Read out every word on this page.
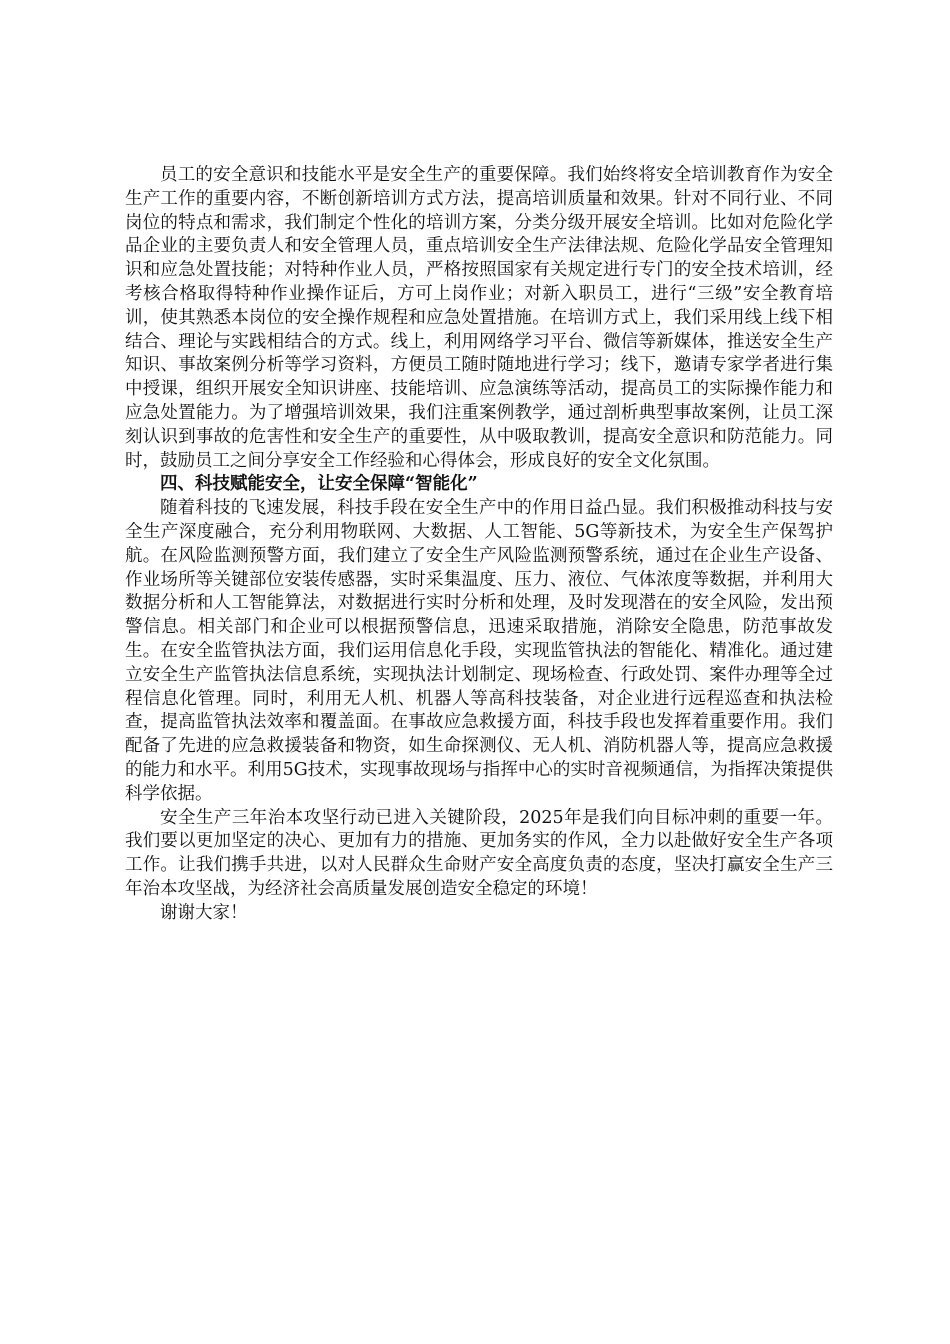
员工的安全意识和技能水平是安全生产的重要保障。我们始终将安全培训教育作为安全生产工作的重要内容，不断创新培训方式方法，提高培训质量和效果。针对不同行业、不同岗位的特点和需求，我们制定个性化的培训方案，分类分级开展安全培训。比如对危险化学品企业的主要负责人和安全管理人员，重点培训安全生产法律法规、危险化学品安全管理知识和应急处置技能；对特种作业人员，严格按照国家有关规定进行专门的安全技术培训，经考核合格取得特种作业操作证后，方可上岗作业；对新入职员工，进行“三级”安全教育培训，使其熟悉本岗位的安全操作规程和应急处置措施。在培训方式上，我们采用线上线下相结合、理论与实践相结合的方式。线上，利用网络学习平台、微信等新媒体，推送安全生产知识、事故案例分析等学习资料，方便员工随时随地进行学习；线下，邀请专家学者进行集中授课，组织开展安全知识讲座、技能培训、应急演练等活动，提高员工的实际操作能力和应急处置能力。为了增强培训效果，我们注重案例教学，通过剖析典型事故案例，让员工深刻认识到事故的危害性和安全生产的重要性，从中吸取教训，提高安全意识和防范能力。同时，鼓励员工之间分享安全工作经验和心得体会，形成良好的安全文化氛围。

四、科技赋能安全，让安全保障“智能化”

随着科技的飞速发展，科技手段在安全生产中的作用日益凸显。我们积极推动科技与安全生产深度融合，充分利用物联网、大数据、人工智能、5G等新技术，为安全生产保驾护航。在风险监测预警方面，我们建立了安全生产风险监测预警系统，通过在企业生产设备、作业场所等关键部位安装传感器，实时采集温度、压力、液位、气体浓度等数据，并利用大数据分析和人工智能算法，对数据进行实时分析和处理，及时发现潜在的安全风险，发出预警信息。相关部门和企业可以根据预警信息，迅速采取措施，消除安全隐患，防范事故发生。在安全监管执法方面，我们运用信息化手段，实现监管执法的智能化、精准化。通过建立安全生产监管执法信息系统，实现执法计划制定、现场检查、行政处罚、案件办理等全过程信息化管理。同时，利用无人机、机器人等高科技装备，对企业进行远程巡查和执法检查，提高监管执法效率和覆盖面。在事故应急救援方面，科技手段也发挥着重要作用。我们配备了先进的应急救援装备和物资，如生命探测仪、无人机、消防机器人等，提高应急救援的能力和水平。利用5G技术，实现事故现场与指挥中心的实时音视频通信，为指挥决策提供科学依据。

安全生产三年治本攻坚行动已进入关键阶段，2025年是我们向目标冲刺的重要一年。我们要以更加坚定的决心、更加有力的措施、更加务实的作风，全力以赴做好安全生产各项工作。让我们携手共进，以对人民群众生命财产安全高度负责的态度，坚决打赢安全生产三年治本攻坚战，为经济社会高质量发展创造安全稳定的环境！

谢谢大家！
